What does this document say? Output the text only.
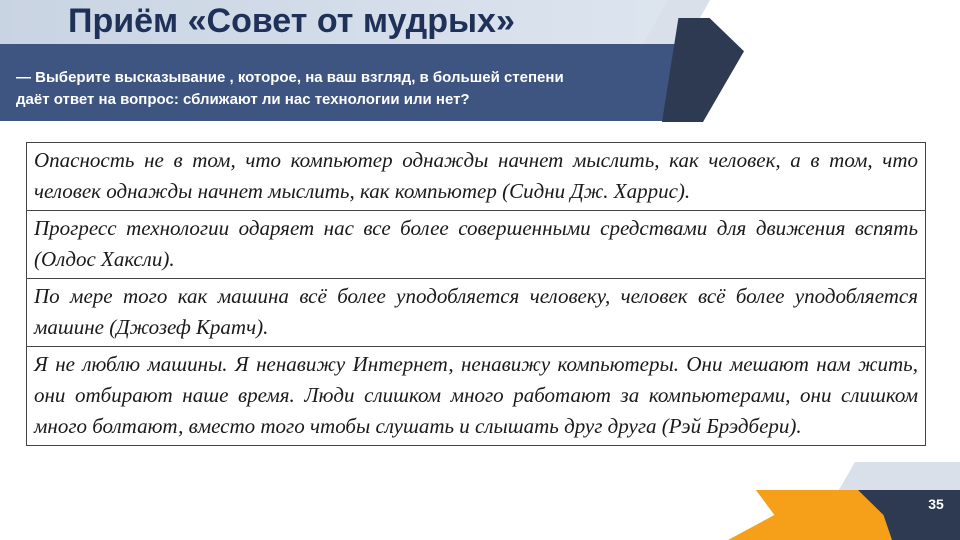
Приём «Совет от мудрых»
— Выберите высказывание , которое, на ваш взгляд, в большей степени
даёт ответ на вопрос: сближают ли нас технологии или нет?
Опасность не в том, что компьютер однажды начнет мыслить, как человек, а в том, что человек однажды начнет мыслить, как компьютер (Сидни Дж. Харрис).
Прогресс технологии одаряет нас все более совершенными средствами для движения вспять (Олдос Хаксли).
По мере того как машина всё более уподобляется человеку, человек всё более уподобляется машине (Джозеф Кратч).
Я не люблю машины. Я ненавижу Интернет, ненавижу компьютеры. Они мешают нам жить, они отбирают наше время. Люди слишком много работают за компьютерами, они слишком много болтают, вместо того чтобы слушать и слышать друг друга (Рэй Брэдбери).
35
